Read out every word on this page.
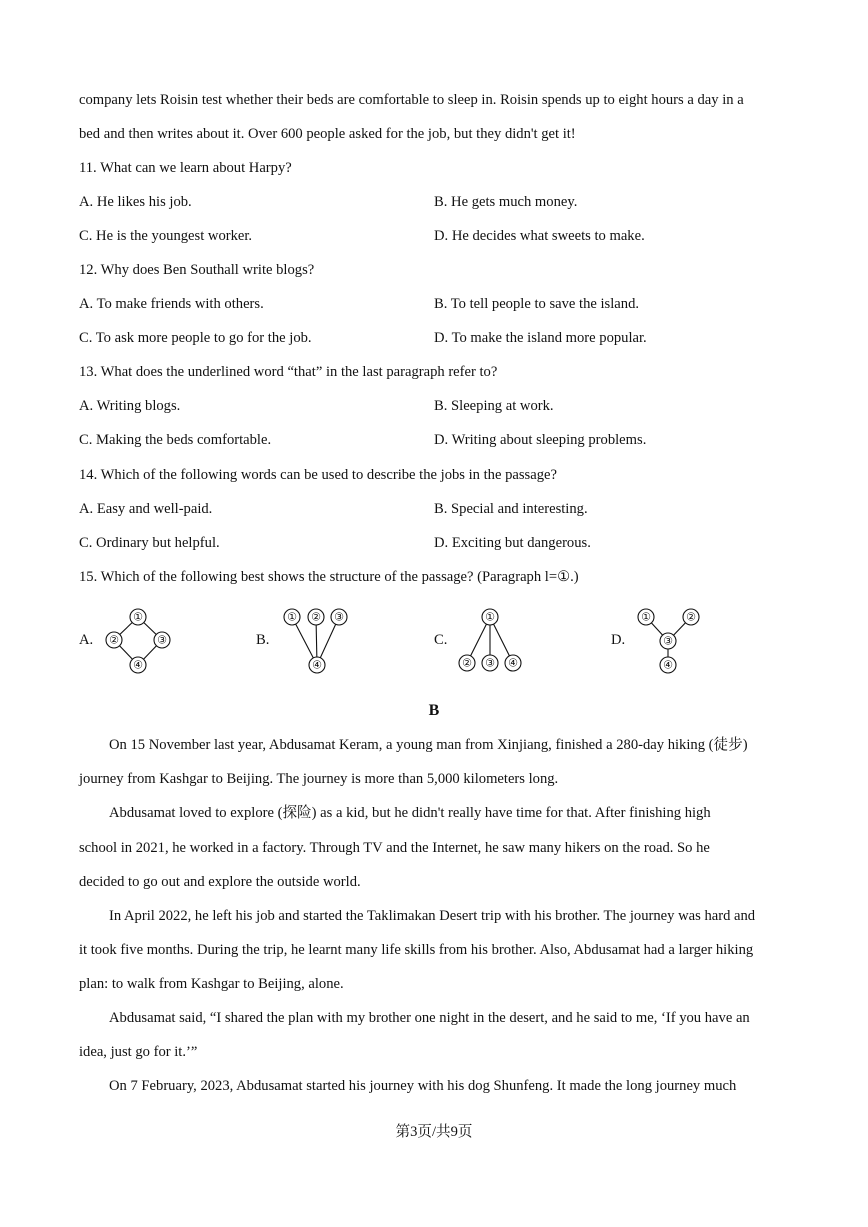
company lets Roisin test whether their beds are comfortable to sleep in. Roisin spends up to eight hours a day in a
bed and then writes about it. Over 600 people asked for the job, but they didn't get it!
11. What can we learn about Harpy?
A. He likes his job.	B. He gets much money.
C. He is the youngest worker.	D. He decides what sweets to make.
12. Why does Ben Southall write blogs?
A. To make friends with others.	B. To tell people to save the island.
C. To ask more people to go for the job.	D. To make the island more popular.
13. What does the underlined word “that” in the last paragraph refer to?
A. Writing blogs.	B. Sleeping at work.
C. Making the beds comfortable.	D. Writing about sleeping problems.
14. Which of the following words can be used to describe the jobs in the passage?
A. Easy and well-paid.	B. Special and interesting.
C. Ordinary but helpful.	D. Exciting but dangerous.
15. Which of the following best shows the structure of the passage? (Paragraph l=①.)
A.
①
②	③
④
B.
① ② ③
④
C.
①
② ③ ④
D.
①	②
③
④
B
On 15 November last year, Abdusamat Keram, a young man from Xinjiang, finished a 280-day hiking (徒步)
journey from Kashgar to Beijing. The journey is more than 5,000 kilometers long.
Abdusamat loved to explore (探险) as a kid, but he didn't really have time for that. After finishing high
school in 2021, he worked in a factory. Through TV and the Internet, he saw many hikers on the road. So he
decided to go out and explore the outside world.
In April 2022, he left his job and started the Taklimakan Desert trip with his brother. The journey was hard and
it took five months. During the trip, he learnt many life skills from his brother. Also, Abdusamat had a larger hiking
plan: to walk from Kashgar to Beijing, alone.
Abdusamat said, “I shared the plan with my brother one night in the desert, and he said to me, ‘If you have an
idea, just go for it.’”
On 7 February, 2023, Abdusamat started his journey with his dog Shunfeng. It made the long journey much
第3页/共9页
